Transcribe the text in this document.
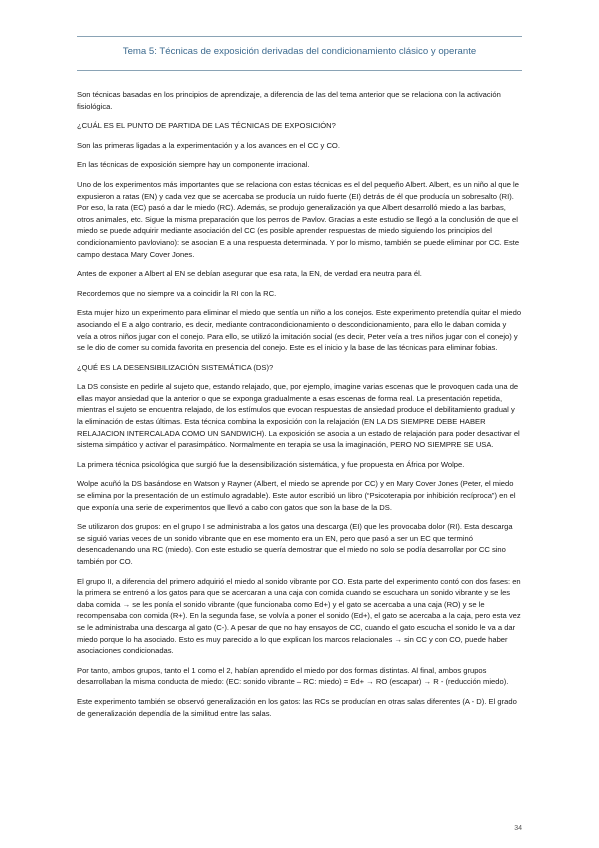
Tema 5: Técnicas de exposición derivadas del condicionamiento clásico y operante

Son técnicas basadas en los principios de aprendizaje, a diferencia de las del tema anterior que se relaciona con la activación fisiológica.

¿CUÁL ES EL PUNTO DE PARTIDA DE LAS TÉCNICAS DE EXPOSICIÓN?

Son las primeras ligadas a la experimentación y a los avances en el CC y CO.

En las técnicas de exposición siempre hay un componente irracional.

Uno de los experimentos más importantes que se relaciona con estas técnicas es el del pequeño Albert. Albert, es un niño al que le expusieron a ratas (EN) y cada vez que se acercaba se producía un ruido fuerte (EI) detrás de él que producía un sobresalto (RI). Por eso, la rata (EC) pasó a dar le miedo (RC). Además, se produjo generalización ya que Albert desarrolló miedo a las barbas, otros animales, etc. Sigue la misma preparación que los perros de Pavlov. Gracias a este estudio se llegó a la conclusión de que el miedo se puede adquirir mediante asociación del CC (es posible aprender respuestas de miedo siguiendo los principios del condicionamiento pavloviano): se asocian E a una respuesta determinada. Y por lo mismo, también se puede eliminar por CC. Este campo destaca Mary Cover Jones.

Antes de exponer a Albert al EN se debían asegurar que esa rata, la EN, de verdad era neutra para él.

Recordemos que no siempre va a coincidir la RI con la RC.

Esta mujer hizo un experimento para eliminar el miedo que sentía un niño a los conejos. Este experimento pretendía quitar el miedo asociando el E a algo contrario, es decir, mediante contracondicionamiento o descondicionamiento, para ello le daban comida y veía a otros niños jugar con el conejo. Para ello, se utilizó la imitación social (es decir, Peter veía a tres niños jugar con el conejo) y se le dio de comer su comida favorita en presencia del conejo. Este es el inicio y la base de las técnicas para eliminar fobias.

¿QUÉ ES LA DESENSIBILIZACIÓN SISTEMÁTICA (DS)?

La DS consiste en pedirle al sujeto que, estando relajado, que, por ejemplo, imagine varias escenas que le provoquen cada una de ellas mayor ansiedad que la anterior o que se exponga gradualmente a esas escenas de forma real. La presentación repetida, mientras el sujeto se encuentra relajado, de los estímulos que evocan respuestas de ansiedad produce el debilitamiento gradual y la eliminación de estas últimas. Esta técnica combina la exposición con la relajación (EN LA DS SIEMPRE DEBE HABER RELAJACION INTERCALADA COMO UN SANDWICH). La exposición se asocia a un estado de relajación para poder desactivar el sistema simpático y activar el parasimpático. Normalmente en terapia se usa la imaginación, PERO NO SIEMPRE SE USA.

La primera técnica psicológica que surgió fue la desensibilización sistemática, y fue propuesta en África por Wolpe.

Wolpe acuñó la DS basándose en Watson y Rayner (Albert, el miedo se aprende por CC) y en Mary Cover Jones (Peter, el miedo se elimina por la presentación de un estímulo agradable). Este autor escribió un libro (“Psicoterapia por inhibición recíproca”) en el que exponía una serie de experimentos que llevó a cabo con gatos que son la base de la DS.

Se utilizaron dos grupos: en el grupo I se administraba a los gatos una descarga (EI) que les provocaba dolor (RI). Esta descarga se siguió varias veces de un sonido vibrante que en ese momento era un EN, pero que pasó a ser un EC que terminó desencadenando una RC (miedo). Con este estudio se quería demostrar que el miedo no solo se podía desarrollar por CC sino también por CO.

El grupo II, a diferencia del primero adquirió el miedo al sonido vibrante por CO. Esta parte del experimento contó con dos fases: en la primera se entrenó a los gatos para que se acercaran a una caja con comida cuando se escuchara un sonido vibrante y se les daba comida → se les ponía el sonido vibrante (que funcionaba como Ed+) y el gato se acercaba a una caja (RO) y se le recompensaba con comida (R+). En la segunda fase, se volvía a poner el sonido (Ed+), el gato se acercaba a la caja, pero esta vez se le administraba una descarga al gato (C-). A pesar de que no hay ensayos de CC, cuando el gato escucha el sonido le va a dar miedo porque lo ha asociado. Esto es muy parecido a lo que explican los marcos relacionales → sin CC y con CO, puede haber asociaciones condicionadas.

Por tanto, ambos grupos, tanto el 1 como el 2, habían aprendido el miedo por dos formas distintas. Al final, ambos grupos desarrollaban la misma conducta de miedo: (EC: sonido vibrante – RC: miedo) = Ed+ → RO (escapar) → R - (reducción miedo).

Este experimento también se observó generalización en los gatos: las RCs se producían en otras salas diferentes (A - D). El grado de generalización dependía de la similitud entre las salas.

34
